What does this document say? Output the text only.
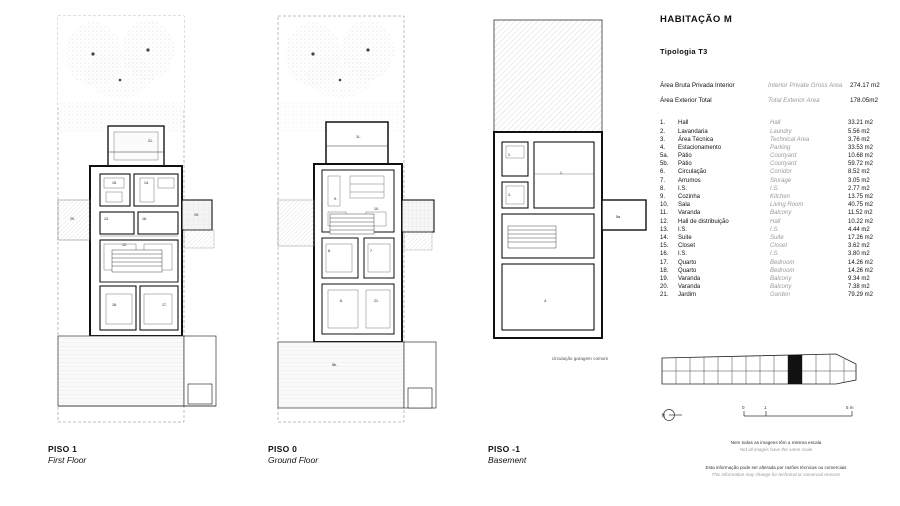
21.
15.	14.
13.	16.
12.
18.	17.
19.
20.
PISO 1
First Floor
11.
9.
10.
8.	7.
6.	21.
5b.
PISO 0
Ground Floor
2.
3.
1.
4.
5a.
PISO -1
Basement
circulação garagem comum
HABITAÇÃO M
Tipologia T3
Área Bruta Privada Interior	Interior Private Gross Area	274.17 m2

Área Exterior Total	Total Exterior Area	178.05m2
1.	Hall	Hall	33.21 m2
2.	Lavandaria	Laundry	5.56 m2
3.	Área Técnica	Technical Area	3.76 m2
4.	Estacionamento	Parking	33.53 m2
5a.	Pátio	Courtyard	10.68 m2
5b.	Pátio	Courtyard	59.72 m2
6.	Circulação	Corridor	8.52 m2
7.	Arrumos	Storage	3.05 m2
8.	I.S.	I.S.	2.77 m2
9.	Cozinha	Kitchen	13.75 m2
10.	Sala	Living Room	40.75 m2
11.	Varanda	Balcony	11.52 m2
12.	Hall de distribuição	Hall	10.22 m2
13.	I.S.	I.S.	4.44 m2
14.	Suite	Suite	17.26 m2
15.	Closet	Closet	3.62 m2
16.	I.S.	I.S.	3.80 m2
17.	Quarto	Bedroom	14.26 m2
18.	Quarto	Bedroom	14.26 m2
19.	Varanda	Balcony	9.34 m2
20.	Varanda	Balcony	7.38 m2
21.	Jardim	Garden	79.29 m2
N
0	1	5 m
Nem todas as imagens têm a mesma escala
Not all images have the same scale
Esta informação pode ser alterada por razões técnicas ou comerciais
This information may change for technical or comercial reasons
